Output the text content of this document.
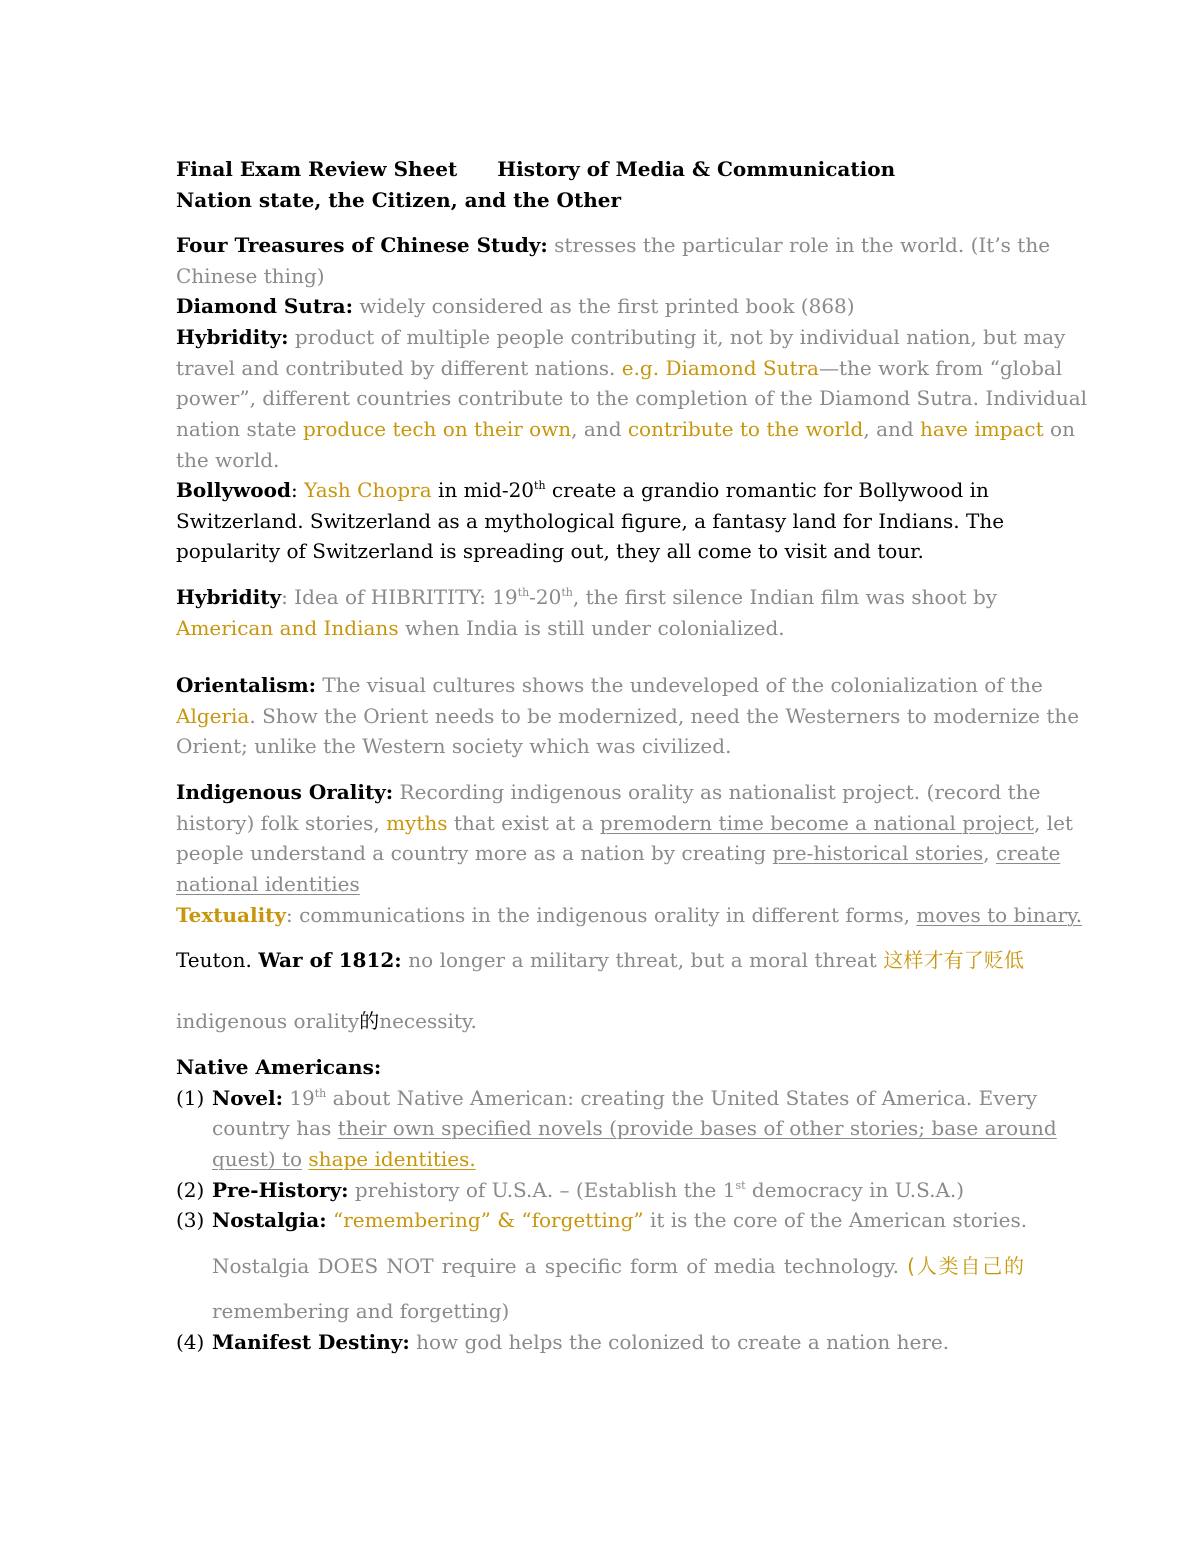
Final Exam Review Sheet History of Media & Communication
Nation state, the Citizen, and the Other
Four Treasures of Chinese Study: stresses the particular role in the world. (It’s the
Chinese thing)
Diamond Sutra: widely considered as the first printed book (868)
Hybridity: product of multiple people contributing it, not by individual nation, but may
travel and contributed by different nations. e.g. Diamond Sutra—the work from “global
power”, different countries contribute to the completion of the Diamond Sutra. Individual
nation state produce tech on their own, and contribute to the world, and have impact on
the world.
Bollywood: Yash Chopra in mid-20th create a grandio romantic for Bollywood in
Switzerland. Switzerland as a mythological figure, a fantasy land for Indians. The
popularity of Switzerland is spreading out, they all come to visit and tour.
Hybridity: Idea of HIBRITITY: 19th-20th, the first silence Indian film was shoot by
American and Indians when India is still under colonialized.
Orientalism: The visual cultures shows the undeveloped of the colonialization of the
Algeria. Show the Orient needs to be modernized, need the Westerners to modernize the
Orient; unlike the Western society which was civilized.
Indigenous Orality: Recording indigenous orality as nationalist project. (record the
history) folk stories, myths that exist at a premodern time become a national project, let
people understand a country more as a nation by creating pre-historical stories, create
national identities
Textuality: communications in the indigenous orality in different forms, moves to binary.
Teuton. War of 1812: no longer a military threat, but a moral threat 这样才有了贬低
indigenous orality的necessity.
Native Americans:
(1) Novel: 19th about Native American: creating the United States of America. Every
country has their own specified novels (provide bases of other stories; base around
quest) to shape identities.
(2) Pre-History: prehistory of U.S.A. – (Establish the 1st democracy in U.S.A.)
(3) Nostalgia: “remembering” & “forgetting” it is the core of the American stories.
Nostalgia DOES NOT require a specific form of media technology. (人类自己的
remembering and forgetting)
(4) Manifest Destiny: how god helps the colonized to create a nation here.
